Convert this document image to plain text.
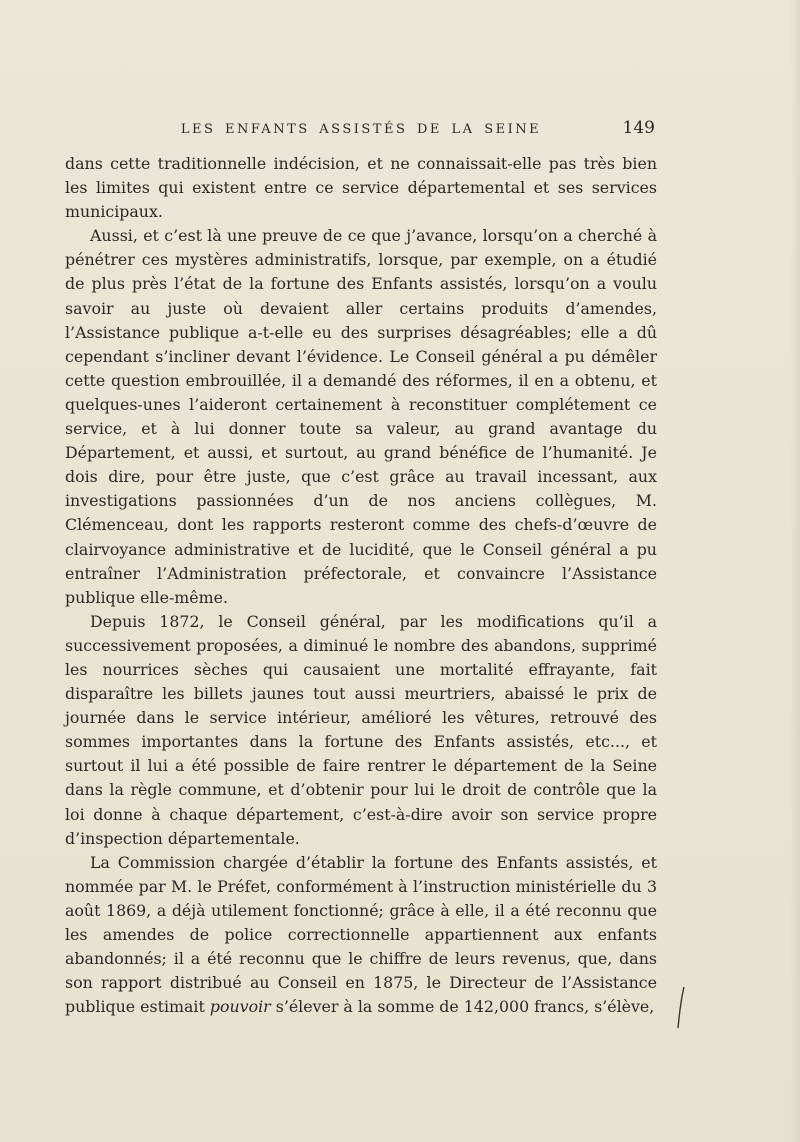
LES ENFANTS ASSISTÉS DE LA SEINE	149

dans cette traditionnelle indécision, et ne connaissait-elle pas très bien les limites qui existent entre ce service départemental et ses services municipaux.

Aussi, et c’est là une preuve de ce que j’avance, lorsqu’on a cherché à pénétrer ces mystères administratifs, lorsque, par exemple, on a étudié de plus près l’état de la fortune des Enfants assistés, lorsqu’on a voulu savoir au juste où devaient aller certains produits d’amendes, l’Assistance publique a-t-elle eu des surprises désagréables; elle a dû cependant s’incliner devant l’évidence. Le Conseil général a pu démêler cette question embrouillée, il a demandé des réformes, il en a obtenu, et quelques-unes l’aideront certainement à reconstituer complétement ce service, et à lui donner toute sa valeur, au grand avantage du Département, et aussi, et surtout, au grand bénéfice de l’humanité. Je dois dire, pour être juste, que c’est grâce au travail incessant, aux investigations passionnées d’un de nos anciens collègues, M. Clémenceau, dont les rapports resteront comme des chefs-d’œuvre de clairvoyance administrative et de lucidité, que le Conseil général a pu entraîner l’Administration préfectorale, et convaincre l’Assistance publique elle-même.

Depuis 1872, le Conseil général, par les modifications qu’il a successivement proposées, a diminué le nombre des abandons, supprimé les nourrices sèches qui causaient une mortalité effrayante, fait disparaître les billets jaunes tout aussi meurtriers, abaissé le prix de journée dans le service intérieur, amélioré les vêtures, retrouvé des sommes importantes dans la fortune des Enfants assistés, etc..., et surtout il lui a été possible de faire rentrer le département de la Seine dans la règle commune, et d’obtenir pour lui le droit de contrôle que la loi donne à chaque département, c’est-à-dire avoir son service propre d’inspection départementale.

La Commission chargée d’établir la fortune des Enfants assistés, et nommée par M. le Préfet, conformément à l’instruction ministérielle du 3 août 1869, a déjà utilement fonctionné; grâce à elle, il a été reconnu que les amendes de police correctionnelle appartiennent aux enfants abandonnés; il a été reconnu que le chiffre de leurs revenus, que, dans son rapport distribué au Conseil en 1875, le Directeur de l’Assistance publique estimait pouvoir s’élever à la somme de 142,000 francs, s’élève,
